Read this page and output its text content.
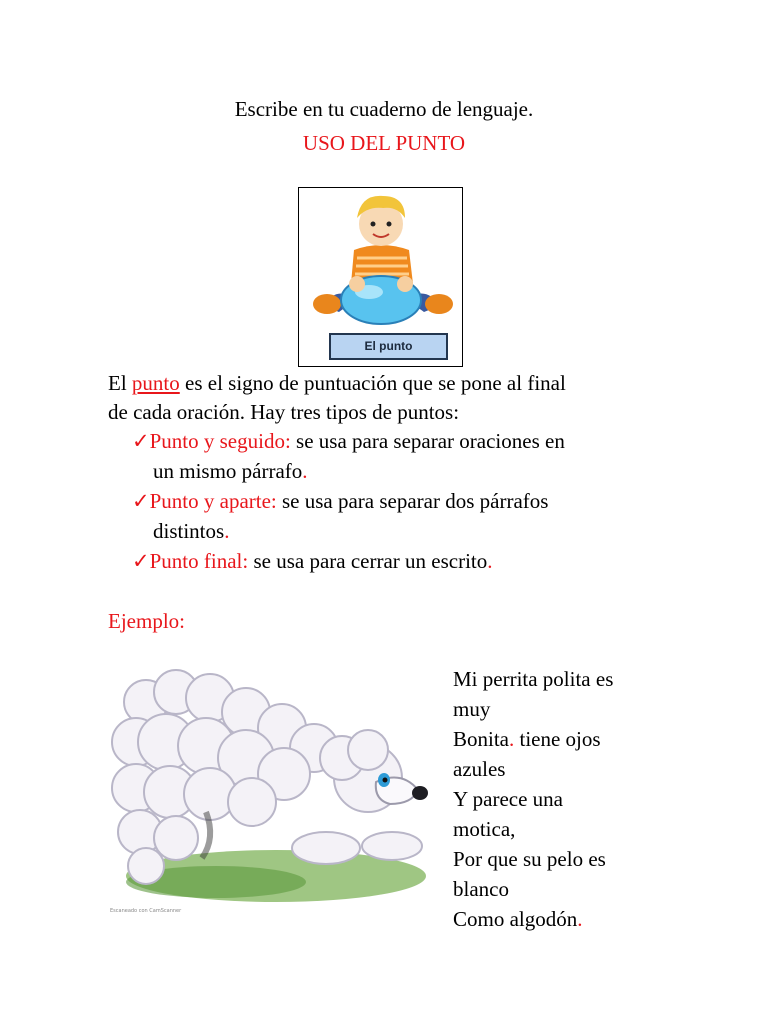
Escribe en tu cuaderno de lenguaje.
USO DEL PUNTO
El punto
El punto es el signo de puntuación que se pone al final
de cada oración. Hay tres tipos de puntos:
✓Punto y seguido: se usa para separar oraciones en
un mismo párrafo.
✓Punto y aparte: se usa para separar dos párrafos
distintos.
✓Punto final: se usa para cerrar un escrito.
Ejemplo:
Escaneado con CamScanner
Mi perrita polita es
muy
Bonita. tiene ojos
azules
Y parece una
motica,
Por que su pelo es
blanco
Como algodón.
